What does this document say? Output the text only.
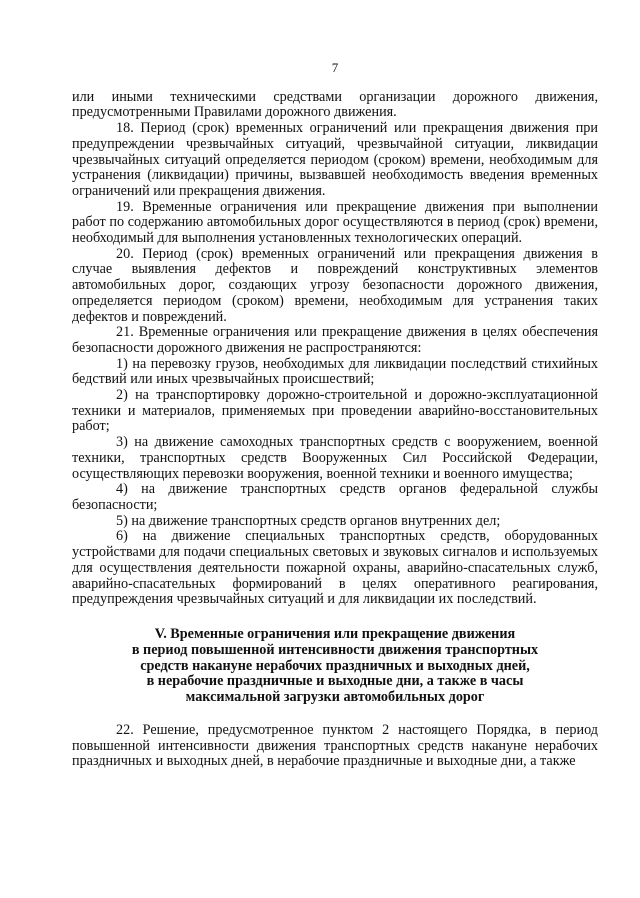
7

или иными техническими средствами организации дорожного движения, предусмотренными Правилами дорожного движения.

18. Период (срок) временных ограничений или прекращения движения при предупреждении чрезвычайных ситуаций, чрезвычайной ситуации, ликвидации чрезвычайных ситуаций определяется периодом (сроком) времени, необходимым для устранения (ликвидации) причины, вызвавшей необходимость введения временных ограничений или прекращения движения.

19. Временные ограничения или прекращение движения при выполнении работ по содержанию автомобильных дорог осуществляются в период (срок) времени, необходимый для выполнения установленных технологических операций.

20. Период (срок) временных ограничений или прекращения движения в случае выявления дефектов и повреждений конструктивных элементов автомобильных дорог, создающих угрозу безопасности дорожного движения, определяется периодом (сроком) времени, необходимым для устранения таких дефектов и повреждений.

21. Временные ограничения или прекращение движения в целях обеспечения безопасности дорожного движения не распространяются:

1) на перевозку грузов, необходимых для ликвидации последствий стихийных бедствий или иных чрезвычайных происшествий;

2) на транспортировку дорожно-строительной и дорожно-эксплуатационной техники и материалов, применяемых при проведении аварийно-восстановительных работ;

3) на движение самоходных транспортных средств с вооружением, военной техники, транспортных средств Вооруженных Сил Российской Федерации, осуществляющих перевозки вооружения, военной техники и военного имущества;

4) на движение транспортных средств органов федеральной службы безопасности;

5) на движение транспортных средств органов внутренних дел;

6) на движение специальных транспортных средств, оборудованных устройствами для подачи специальных световых и звуковых сигналов и используемых для осуществления деятельности пожарной охраны, аварийно-спасательных служб, аварийно-спасательных формирований в целях оперативного реагирования, предупреждения чрезвычайных ситуаций и для ликвидации их последствий.

V. Временные ограничения или прекращение движения
в период повышенной интенсивности движения транспортных
средств накануне нерабочих праздничных и выходных дней,
в нерабочие праздничные и выходные дни, а также в часы
максимальной загрузки автомобильных дорог

22. Решение, предусмотренное пунктом 2 настоящего Порядка, в период повышенной интенсивности движения транспортных средств накануне нерабочих праздничных и выходных дней, в нерабочие праздничные и выходные дни, а также
